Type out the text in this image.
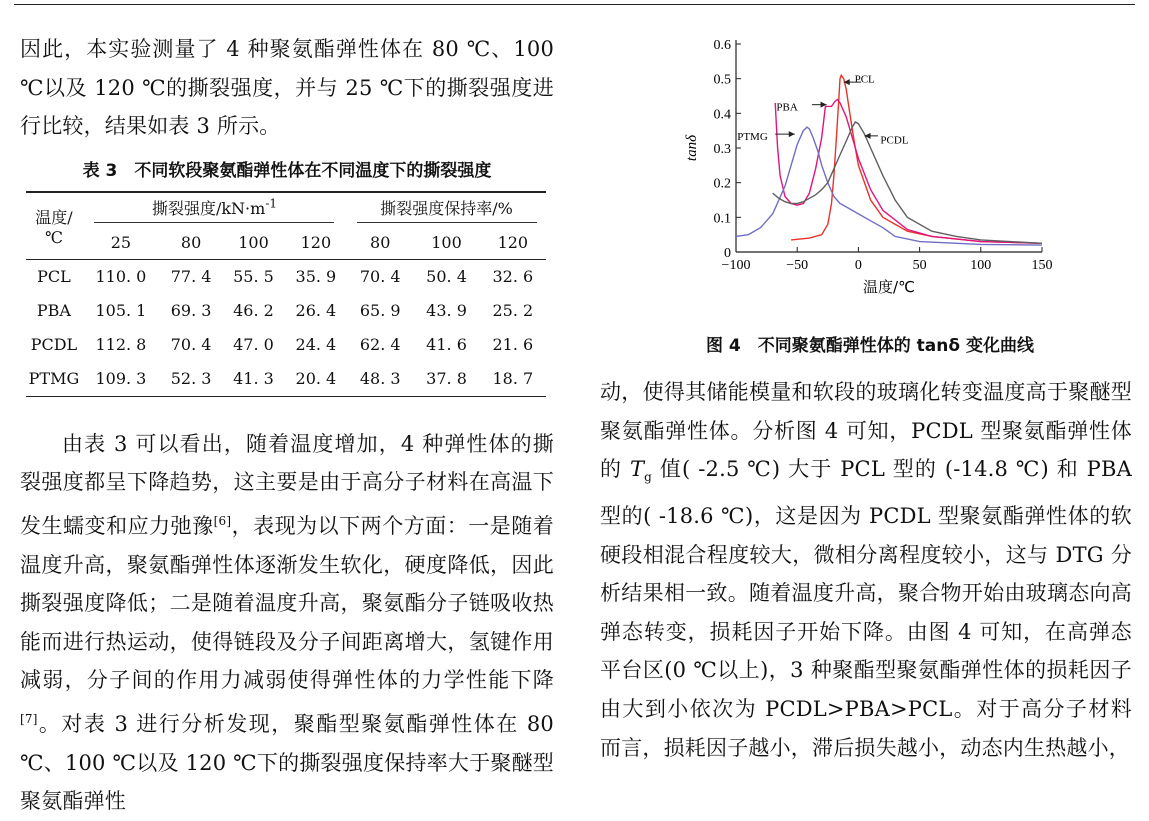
因此，本实验测量了 4 种聚氨酯弹性体在 80 ℃、100 ℃以及 120 ℃的撕裂强度，并与 25 ℃下的撕裂强度进行比较，结果如表 3 所示。

表 3　不同软段聚氨酯弹性体在不同温度下的撕裂强度
温度/
℃	撕裂强度$/kN\cdot m^{-1}$				撕裂强度保持率/%		
	25	80	100	120	80	100	120
PCL	110. 0	77. 4	55. 5	35. 9	70. 4	50. 4	32. 6
PBA	105. 1	69. 3	46. 2	26. 4	65. 9	43. 9	25. 2
PCDL	112. 8	70. 4	47. 0	24. 4	62. 4	41. 6	21. 6
PTMG	109. 3	52. 3	41. 3	20. 4	48. 3	37. 8	18. 7

由表 3 可以看出，随着温度增加，4 种弹性体的撕裂强度都呈下降趋势，这主要是由于高分子材料在高温下发生蠕变和应力弛豫[6]，表现为以下两个方面：一是随着温度升高，聚氨酯弹性体逐渐发生软化，硬度降低，因此撕裂强度降低；二是随着温度升高，聚氨酯分子链吸收热能而进行热运动，使得链段及分子间距离增大，氢键作用减弱，分子间的作用力减弱使得弹性体的力学性能下降[7]。对表 3 进行分析发现，聚酯型聚氨酯弹性体在 80 ℃、100 ℃以及 120 ℃下的撕裂强度保持率大于聚醚型聚氨酯弹性

−100	−50	0	50	100	150
0
0.1
0.2
0.3
0.4
0.5
0.6
温度/℃
tanδ
PCL
PCDL
PBA
PTMG
图 4　不同聚氨酯弹性体的 tanδ 变化曲线

动，使得其储能模量和软段的玻璃化转变温度高于聚醚型聚氨酯弹性体。分析图 4 可知，PCDL 型聚氨酯弹性体的 $T_g$ 值( -2.5 ℃) 大于 PCL 型的 (-14.8 ℃) 和 PBA 型的( -18.6 ℃)，这是因为 PCDL 型聚氨酯弹性体的软硬段相混合程度较大，微相分离程度较小，这与 DTG 分析结果相一致。随着温度升高，聚合物开始由玻璃态向高弹态转变，损耗因子开始下降。由图 4 可知，在高弹态平台区(0 ℃以上)，3 种聚酯型聚氨酯弹性体的损耗因子由大到小依次为 PCDL>PBA>PCL。对于高分子材料而言，损耗因子越小，滞后损失越小，动态内生热越小，
